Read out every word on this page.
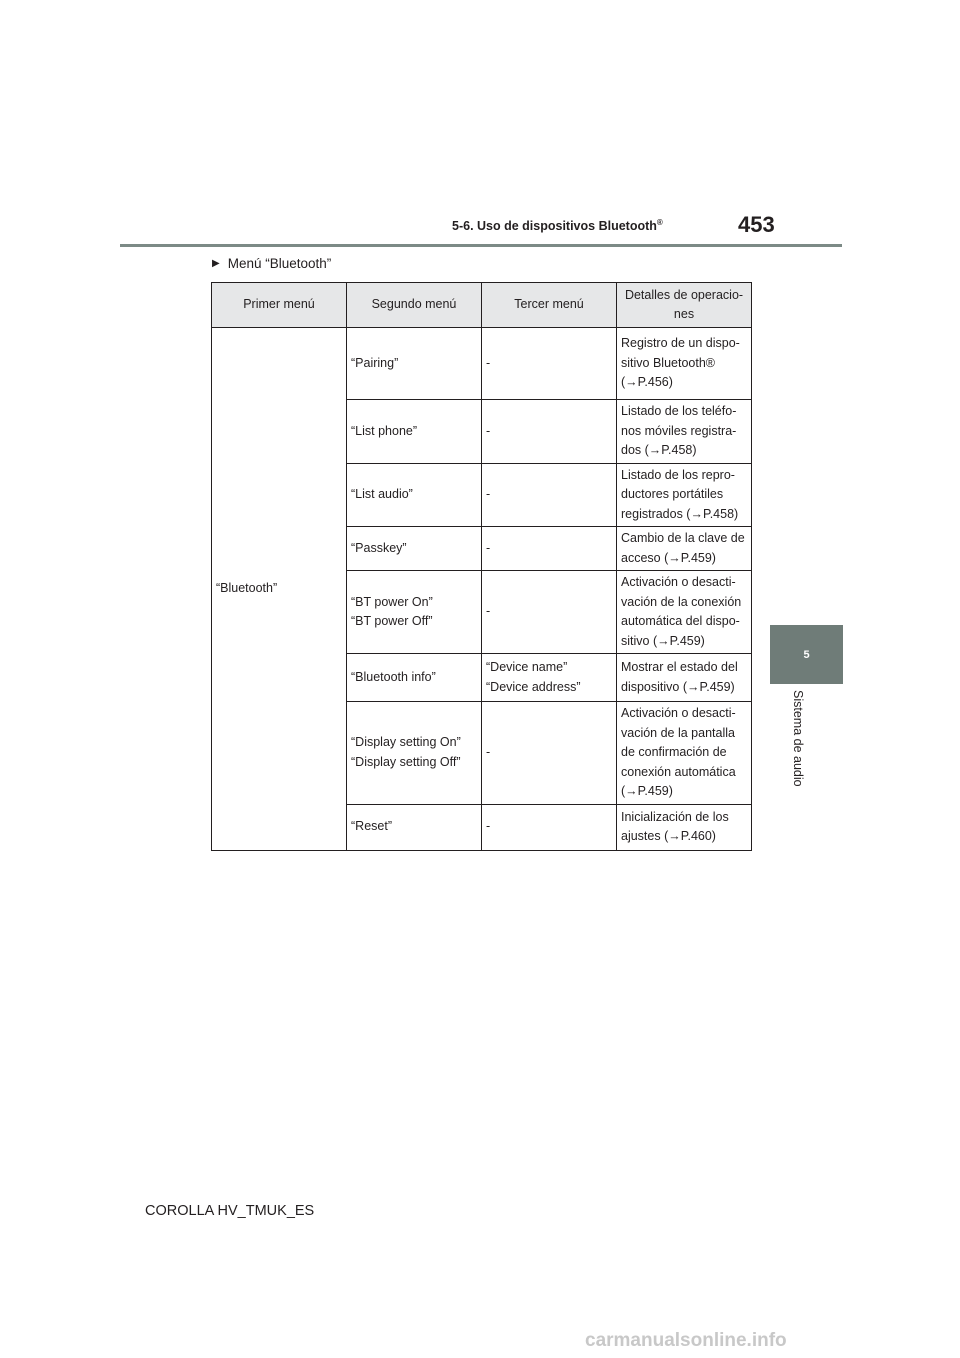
5-6. Uso de dispositivos Bluetooth®	453
5
Sistema de audio
▶ Menú “Bluetooth”
Primer menú	Segundo menú	Tercer menú	Detalles de operacio-
nes

“Bluetooth”	“Pairing”	-	Registro de un dispo-
sitivo Bluetooth®
(→P.456)

	“List phone”	-	Listado de los teléfo-
nos móviles registra-
dos (→P.458)

	“List audio”	-	Listado de los repro-
ductores portátiles
registrados (→P.458)

	“Passkey”	-	Cambio de la clave de
acceso (→P.459)

	“BT power On”
“BT power Off”	-	Activación o desacti-
vación de la conexión
automática del dispo-
sitivo (→P.459)

	“Bluetooth info”	“Device name”
“Device address”	Mostrar el estado del
dispositivo (→P.459)

	“Display setting On”
“Display setting Off”	-	Activación o desacti-
vación de la pantalla
de confirmación de
conexión automática
(→P.459)

	“Reset”	-	Inicialización de los
ajustes (→P.460)
COROLLA HV_TMUK_ES
carmanualsonline.info
